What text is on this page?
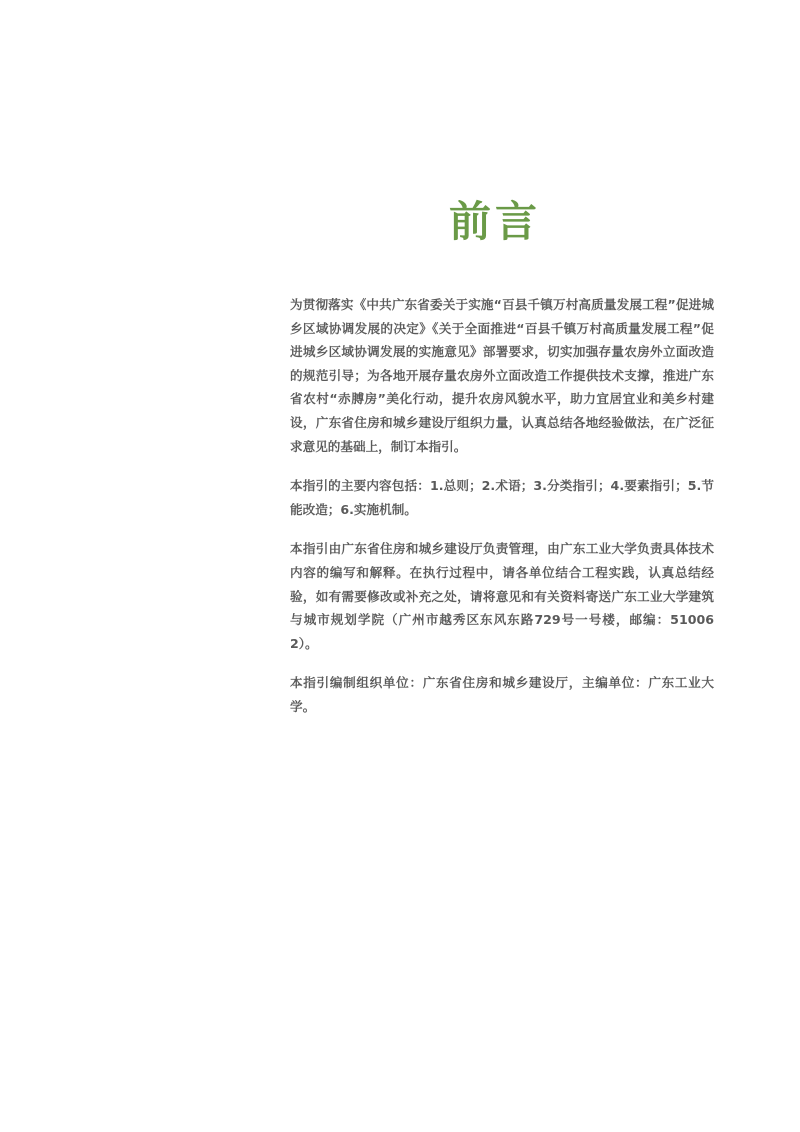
前言

为贯彻落实《中共广东省委关于实施“百县千镇万村高质量发展工程”促进城乡区域协调发展的决定》《关于全面推进“百县千镇万村高质量发展工程”促进城乡区域协调发展的实施意见》部署要求，切实加强存量农房外立面改造的规范引导；为各地开展存量农房外立面改造工作提供技术支撑，推进广东省农村“赤膊房”美化行动，提升农房风貌水平，助力宜居宜业和美乡村建设，广东省住房和城乡建设厅组织力量，认真总结各地经验做法，在广泛征求意见的基础上，制订本指引。

本指引的主要内容包括：1.总则；2.术语；3.分类指引；4.要素指引；5.节能改造；6.实施机制。

本指引由广东省住房和城乡建设厅负责管理，由广东工业大学负责具体技术内容的编写和解释。在执行过程中，请各单位结合工程实践，认真总结经验，如有需要修改或补充之处，请将意见和有关资料寄送广东工业大学建筑与城市规划学院（广州市越秀区东风东路729号一号楼，邮编：510062）。

本指引编制组织单位：广东省住房和城乡建设厅，主编单位：广东工业大学。
